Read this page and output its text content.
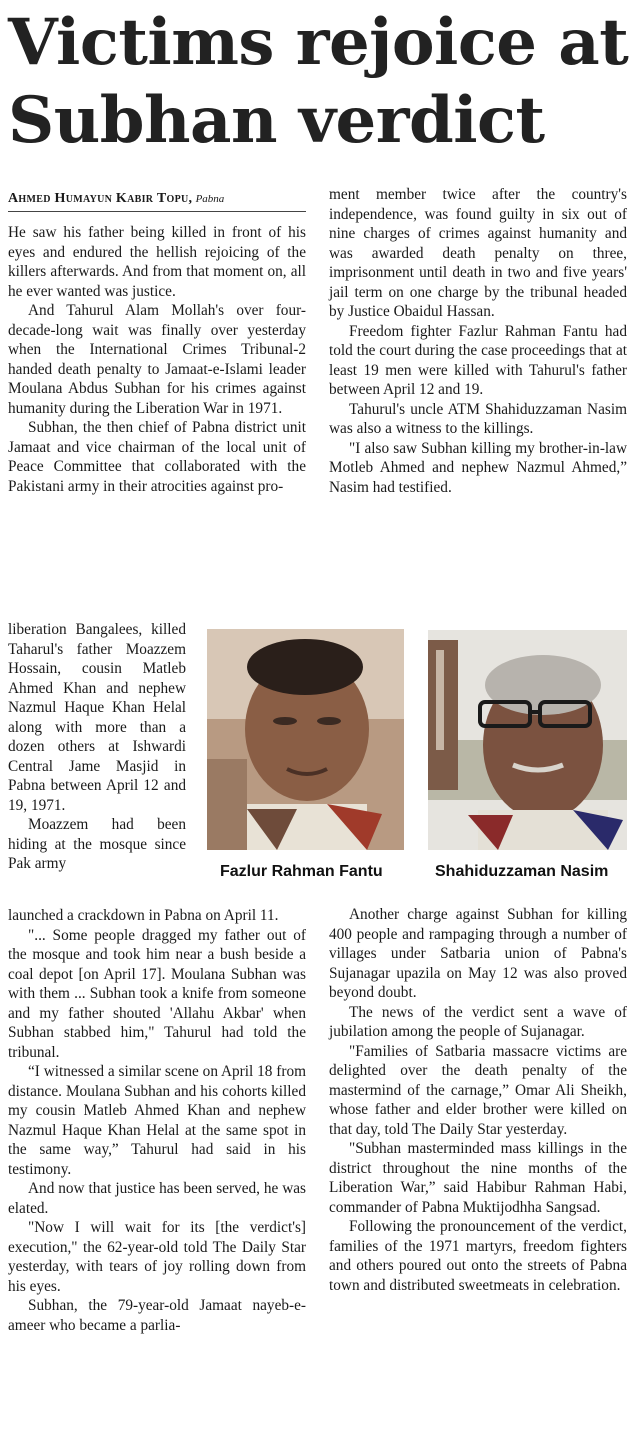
Victims rejoice at Subhan verdict
Ahmed Humayun Kabir Topu, Pabna

He saw his father being killed in front of his eyes and endured the hellish rejoicing of the killers afterwards. And from that moment on, all he ever wanted was justice.

And Tahurul Alam Mollah's over four-decade-long wait was finally over yesterday when the International Crimes Tribunal-2 handed death penalty to Jamaat-e-Islami leader Moulana Abdus Subhan for his crimes against humanity during the Liberation War in 1971.

Subhan, the then chief of Pabna district unit Jamaat and vice chairman of the local unit of Peace Committee that collaborated with the Pakistani army in their atrocities against pro-

liberation Bangalees, killed Taharul's father Moazzem Hossain, cousin Matleb Ahmed Khan and nephew Nazmul Haque Khan Helal along with more than a dozen others at Ishwardi Central Jame Masjid in Pabna between April 12 and 19, 1971.

Moazzem had been hiding at the mosque since Pak army

launched a crackdown in Pabna on April 11.

"... Some people dragged my father out of the mosque and took him near a bush beside a coal depot [on April 17]. Moulana Subhan was with them ... Subhan took a knife from someone and my father shouted 'Allahu Akbar' when Subhan stabbed him," Tahurul had told the tribunal.

“I witnessed a similar scene on April 18 from distance. Moulana Subhan and his cohorts killed my cousin Matleb Ahmed Khan and nephew Nazmul Haque Khan Helal at the same spot in the same way,” Tahurul had said in his testimony.

And now that justice has been served, he was elated.

"Now I will wait for its [the verdict's] execution," the 62-year-old told The Daily Star yesterday, with tears of joy rolling down from his eyes.

Subhan, the 79-year-old Jamaat nayeb-e-ameer who became a parlia-

ment member twice after the country's independence, was found guilty in six out of nine charges of crimes against humanity and was awarded death penalty on three, imprisonment until death in two and five years' jail term on one charge by the tribunal headed by Justice Obaidul Hassan.

Freedom fighter Fazlur Rahman Fantu had told the court during the case proceedings that at least 19 men were killed with Tahurul's father between April 12 and 19.

Tahurul's uncle ATM Shahiduzzaman Nasim was also a witness to the killings.

"I also saw Subhan killing my brother-in-law Motleb Ahmed and nephew Nazmul Ahmed,” Nasim had testified.

Fazlur Rahman Fantu	Shahiduzzaman Nasim

Another charge against Subhan for killing 400 people and rampaging through a number of villages under Satbaria union of Pabna's Sujanagar upazila on May 12 was also proved beyond doubt.

The news of the verdict sent a wave of jubilation among the people of Sujanagar.

"Families of Satbaria massacre victims are delighted over the death penalty of the mastermind of the carnage,” Omar Ali Sheikh, whose father and elder brother were killed on that day, told The Daily Star yesterday.

"Subhan masterminded mass killings in the district throughout the nine months of the Liberation War,” said Habibur Rahman Habi, commander of Pabna Muktijodhha Sangsad.

Following the pronouncement of the verdict, families of the 1971 martyrs, freedom fighters and others poured out onto the streets of Pabna town and distributed sweetmeats in celebration.
